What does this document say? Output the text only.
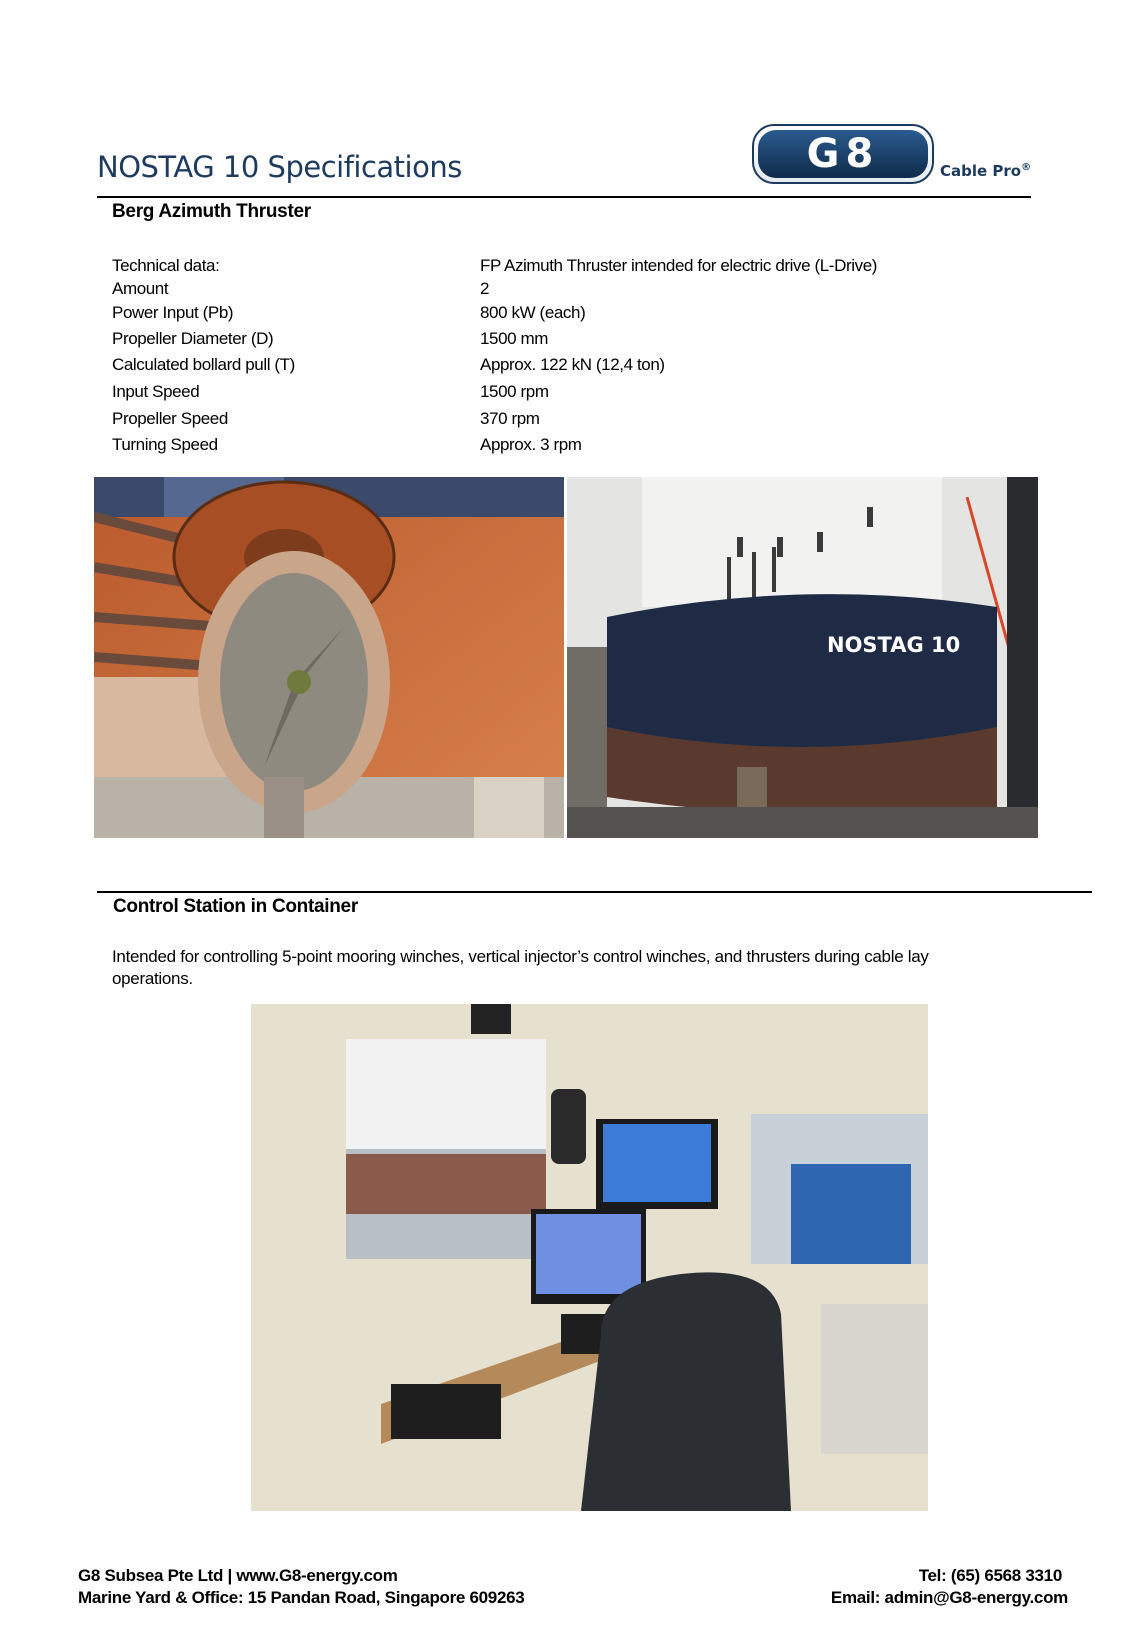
NOSTAG 10 Specifications	G8	Cable Pro®
Berg Azimuth Thruster
Technical data:	FP Azimuth Thruster intended for electric drive (L-Drive)
Amount	2
Power Input (Pb)	800 kW (each)
Propeller Diameter (D)	1500 mm
Calculated bollard pull (T)	Approx. 122 kN (12,4 ton)
Input Speed	1500 rpm
Propeller Speed	370 rpm
Turning Speed	Approx. 3 rpm
NOSTAG 10
Control Station in Container
Intended for controlling 5-point mooring winches, vertical injector’s control winches, and thrusters during cable lay operations.
G8 Subsea Pte Ltd | www.G8-energy.com
Marine Yard & Office: 15 Pandan Road, Singapore 609263
Tel: (65) 6568 3310
Email: admin@G8-energy.com
